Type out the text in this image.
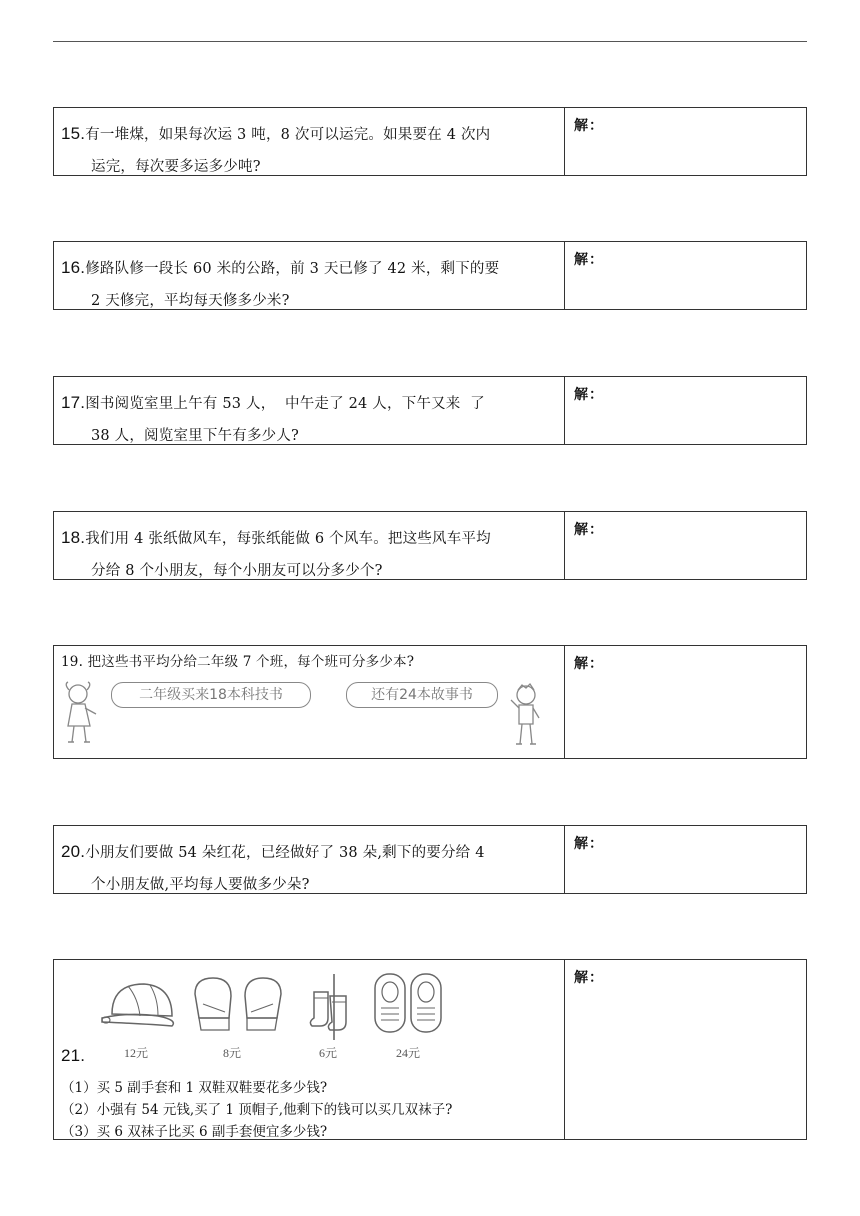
15.有一堆煤，如果每次运 3 吨，8 次可以运完。如果要在 4 次内
运完，每次要多运多少吨?
解：
16.修路队修一段长 60 米的公路，前 3 天已修了 42 米，剩下的要
2 天修完，平均每天修多少米?
解：
17.图书阅览室里上午有 53 人，  中午走了 24 人，下午又来  了
38 人，阅览室里下午有多少人?
解：
18.我们用 4 张纸做风车，每张纸能做 6 个风车。把这些风车平均
分给 8 个小朋友，每个小朋友可以分多少个?
解：
19. 把这些书平均分给二年级 7 个班，每个班可分多少本?
二年级买来18本科技书	还有24本故事书
解：
20.小朋友们要做 54 朵红花，已经做好了 38 朵,剩下的要分给 4
个小朋友做,平均每人要做多少朵?
解：
12元	8元	6元	24元
21.
（1）买 5 副手套和 1 双鞋双鞋要花多少钱?
（2）小强有 54 元钱,买了 1 顶帽子,他剩下的钱可以买几双袜子?
（3）买 6 双袜子比买 6 副手套便宜多少钱?
解：
